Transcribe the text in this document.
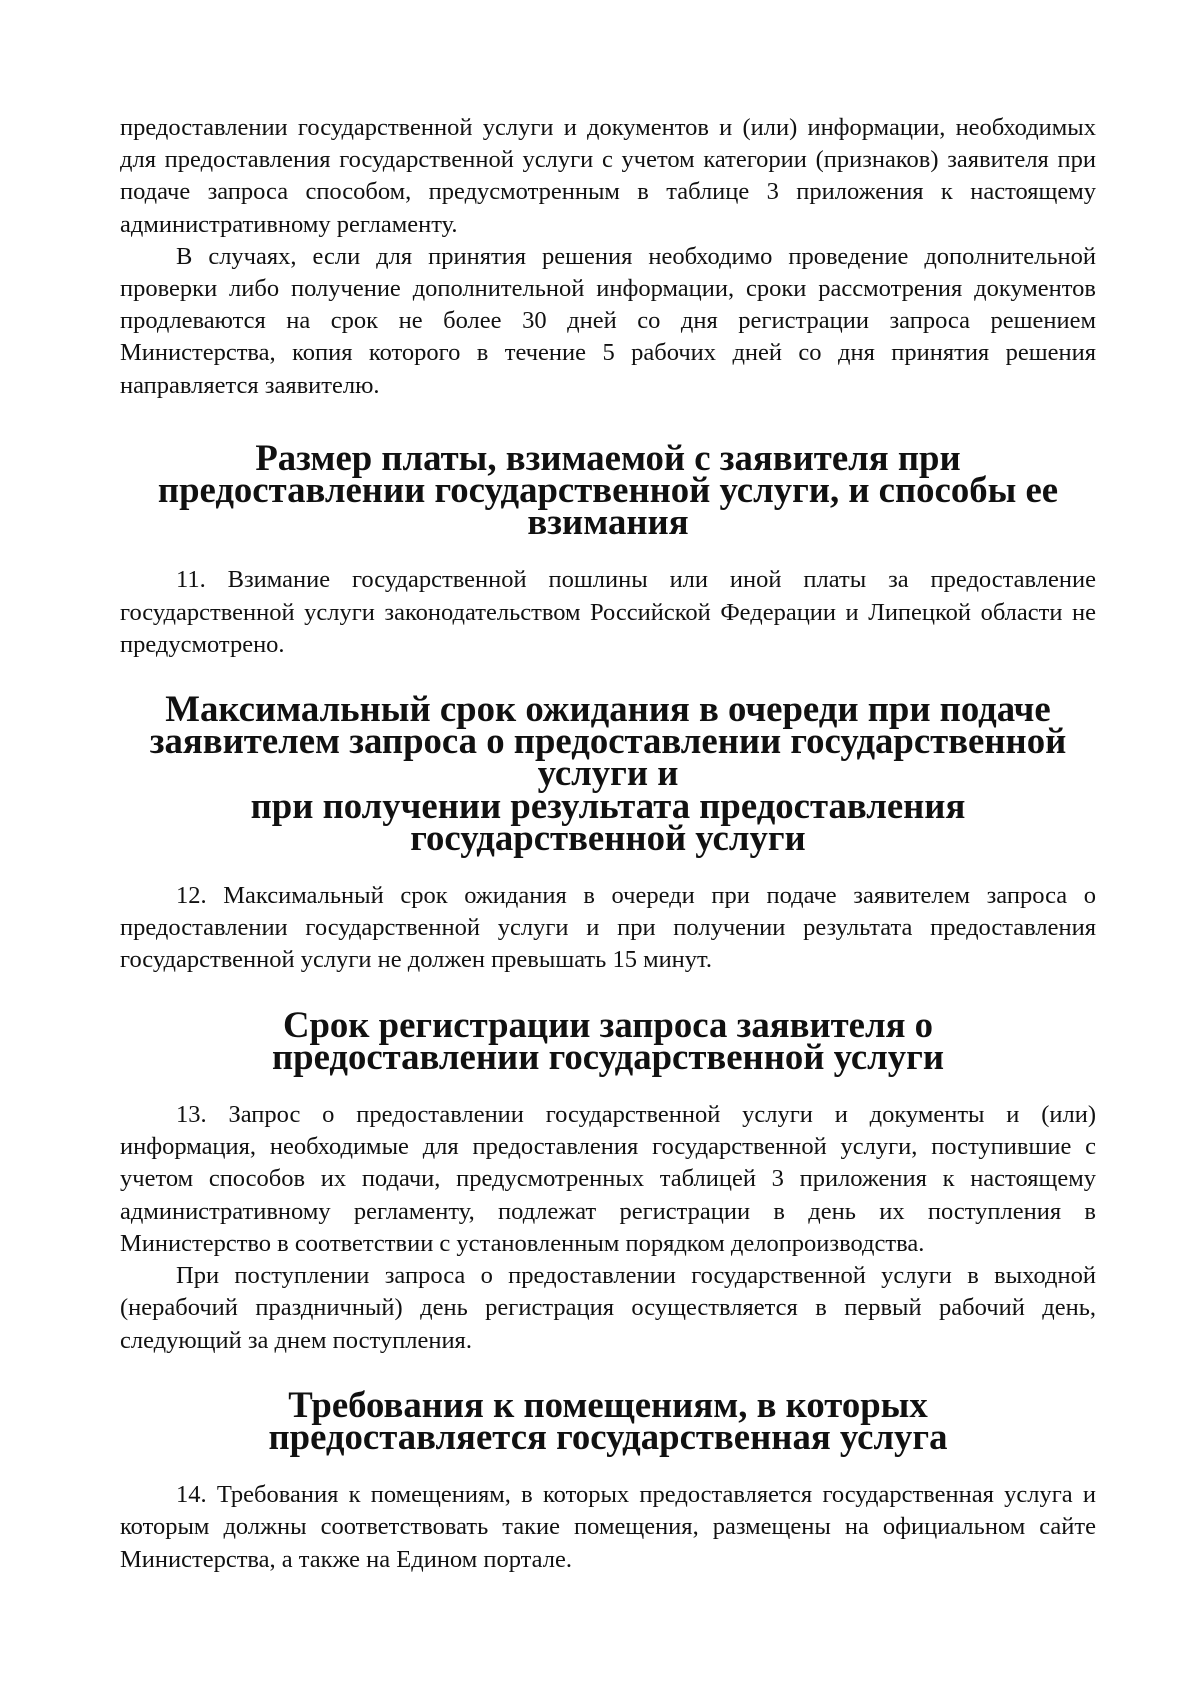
предоставлении государственной услуги и документов и (или) информации, необходимых для предоставления государственной услуги с учетом категории (признаков) заявителя при подаче запроса способом, предусмотренным в таблице 3 приложения к настоящему административному регламенту.

В случаях, если для принятия решения необходимо проведение дополнительной проверки либо получение дополнительной информации, сроки рассмотрения документов продлеваются на срок не более 30 дней со дня регистрации запроса решением Министерства, копия которого в течение 5 рабочих дней со дня принятия решения направляется заявителю.

Размер платы, взимаемой с заявителя при
предоставлении государственной услуги, и способы ее взимания

11. Взимание государственной пошлины или иной платы за предоставление государственной услуги законодательством Российской Федерации и Липецкой области не предусмотрено.

Максимальный срок ожидания в очереди при подаче
заявителем запроса о предоставлении государственной услуги и
при получении результата предоставления государственной услуги

12. Максимальный срок ожидания в очереди при подаче заявителем запроса о предоставлении государственной услуги и при получении результата предоставления государственной услуги не должен превышать 15 минут.

Срок регистрации запроса заявителя о
предоставлении государственной услуги

13. Запрос о предоставлении государственной услуги и документы и (или) информация, необходимые для предоставления государственной услуги, поступившие с учетом способов их подачи, предусмотренных таблицей 3 приложения к настоящему административному регламенту, подлежат регистрации в день их поступления в Министерство в соответствии с установленным порядком делопроизводства.

При поступлении запроса о предоставлении государственной услуги в выходной (нерабочий праздничный) день регистрация осуществляется в первый рабочий день, следующий за днем поступления.

Требования к помещениям, в которых
предоставляется государственная услуга

14. Требования к помещениям, в которых предоставляется государственная услуга и которым должны соответствовать такие помещения, размещены на официальном сайте Министерства, а также на Едином портале.
